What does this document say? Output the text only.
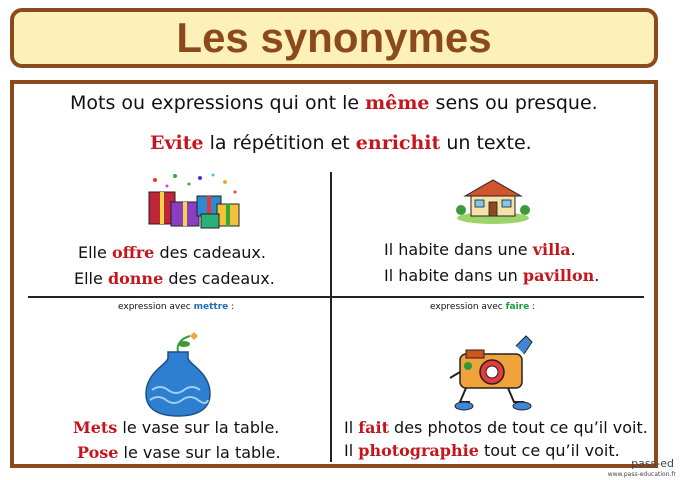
Les synonymes
Mots ou expressions qui ont le même sens ou presque.
Evite la répétition et enrichit un texte.
Elle offre des cadeaux.
Elle donne des cadeaux.
Il habite dans une villa.
Il habite dans un pavillon.
expression avec mettre :	expression avec faire :
Mets le vase sur la table.
Pose le vase sur la table.
Il fait des photos de tout ce qu’il voit.
Il photographie tout ce qu’il voit.
pass-ed
www.pass-education.fr
